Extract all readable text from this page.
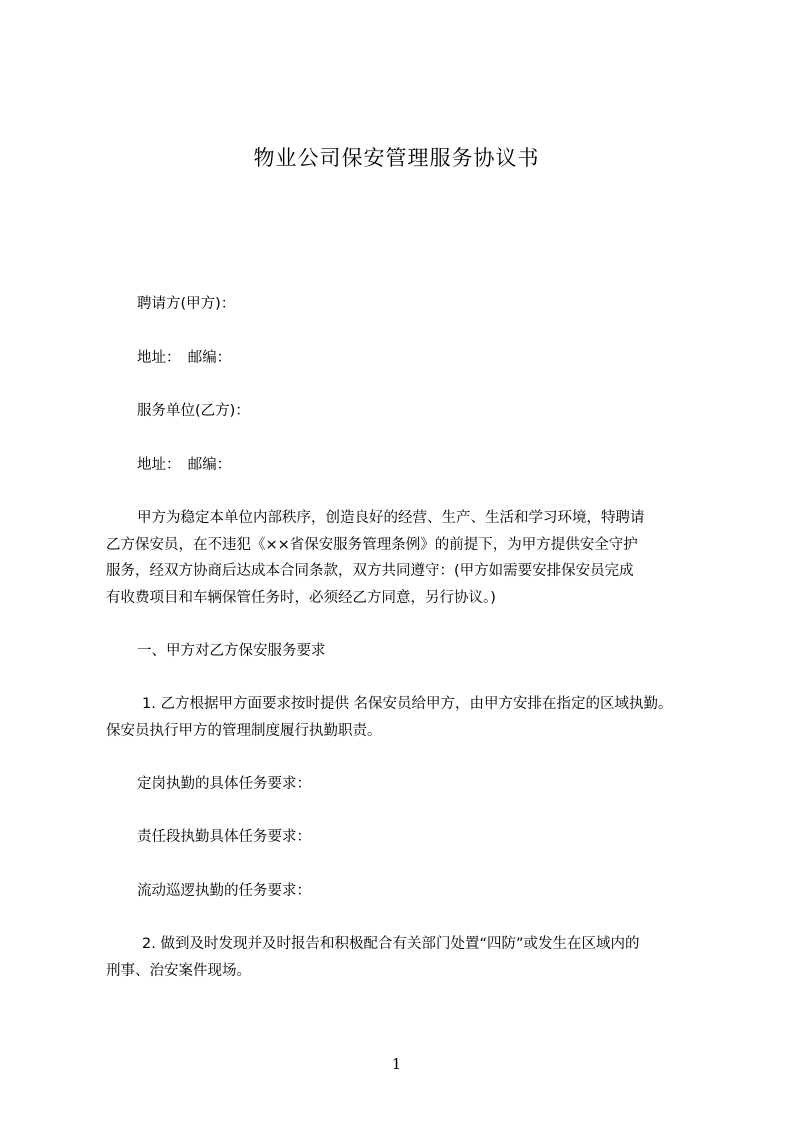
物业公司保安管理服务协议书
聘请方(甲方)：
地址：　邮编：
服务单位(乙方)：
地址：　邮编：
甲方为稳定本单位内部秩序，创造良好的经营、生产、生活和学习环境，特聘请
乙方保安员，在不违犯《××省保安服务管理条例》的前提下，为甲方提供安全守护
服务，经双方协商后达成本合同条款，双方共同遵守：(甲方如需要安排保安员完成
有收费项目和车辆保管任务时，必须经乙方同意，另行协议。)
一、甲方对乙方保安服务要求
1. 乙方根据甲方面要求按时提供 名保安员给甲方，由甲方安排在指定的区域执勤。
保安员执行甲方的管理制度履行执勤职责。
定岗执勤的具体任务要求：
责任段执勤具体任务要求：
流动巡逻执勤的任务要求：
2. 做到及时发现并及时报告和积极配合有关部门处置“四防”或发生在区域内的
刑事、治安案件现场。
1
